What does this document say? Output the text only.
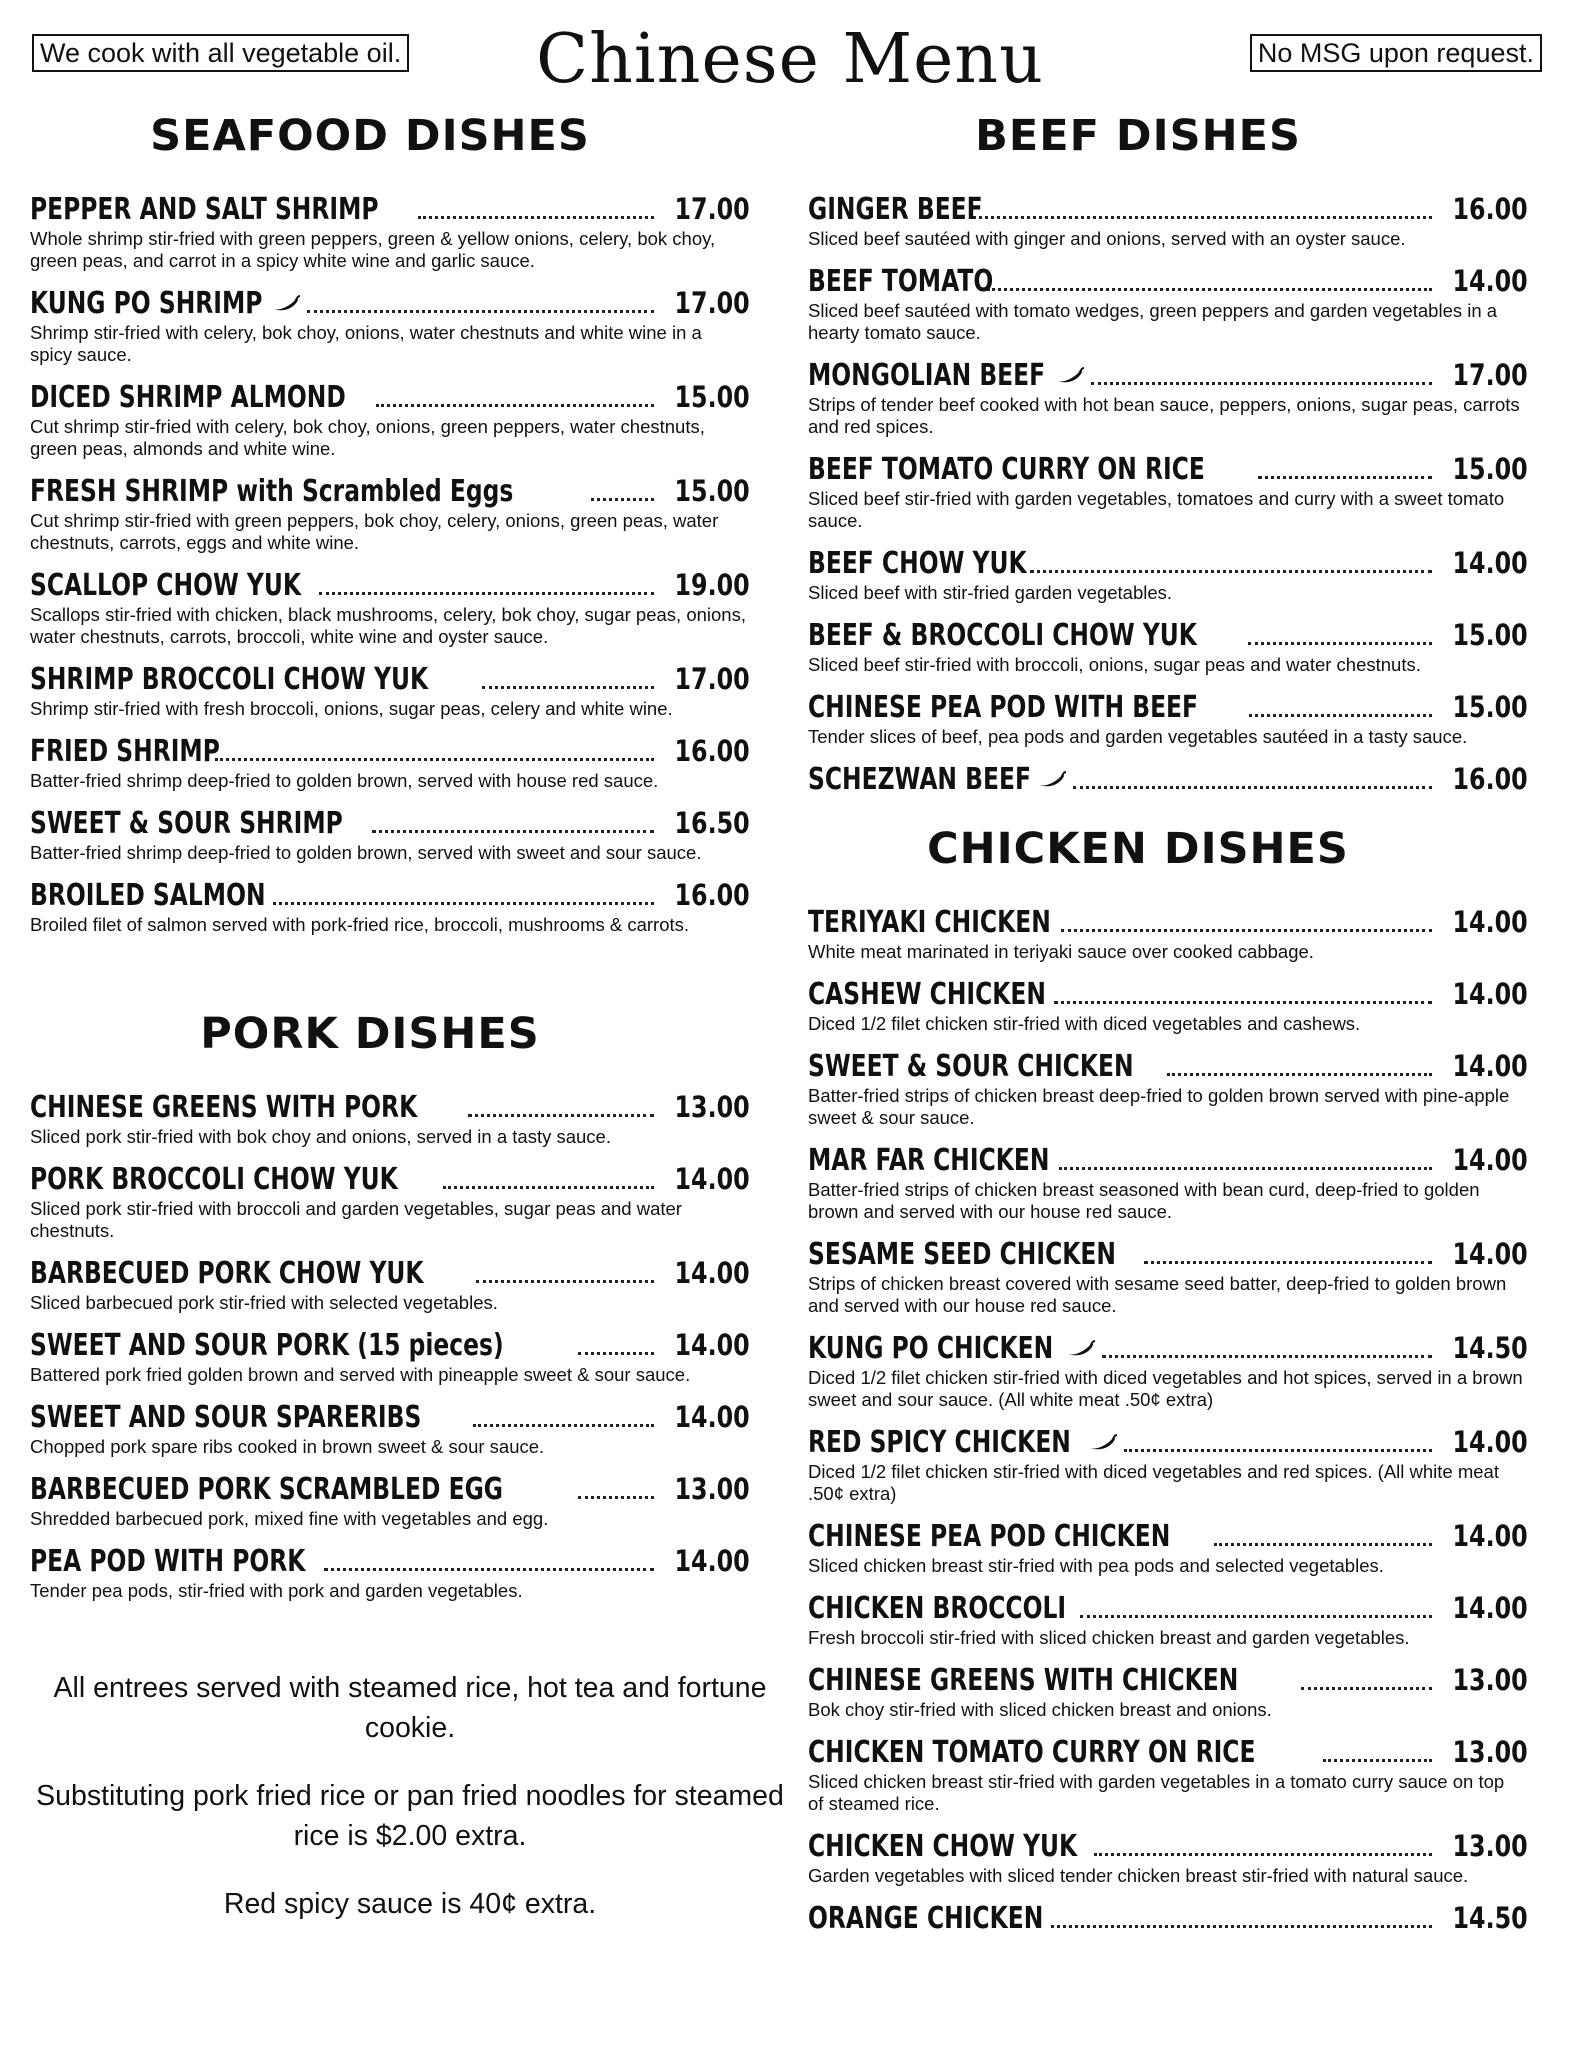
We cook with all vegetable oil.	Chinese Menu	No MSG upon request.
SEAFOOD DISHES
PEPPER AND SALT SHRIMP	17.00
Whole shrimp stir-fried with green peppers, green & yellow onions, celery, bok choy, green peas, and carrot in a spicy white wine and garlic sauce.
KUNG PO SHRIMP	17.00
Shrimp stir-fried with celery, bok choy, onions, water chestnuts and white wine in a spicy sauce.
DICED SHRIMP ALMOND	15.00
Cut shrimp stir-fried with celery, bok choy, onions, green peppers, water chestnuts, green peas, almonds and white wine.
FRESH SHRIMP with Scrambled Eggs	15.00
Cut shrimp stir-fried with green peppers, bok choy, celery, onions, green peas, water chestnuts, carrots, eggs and white wine.
SCALLOP CHOW YUK	19.00
Scallops stir-fried with chicken, black mushrooms, celery, bok choy, sugar peas, onions, water chestnuts, carrots, broccoli, white wine and oyster sauce.
SHRIMP BROCCOLI CHOW YUK	17.00
Shrimp stir-fried with fresh broccoli, onions, sugar peas, celery and white wine.
FRIED SHRIMP	16.00
Batter-fried shrimp deep-fried to golden brown, served with house red sauce.
SWEET & SOUR SHRIMP	16.50
Batter-fried shrimp deep-fried to golden brown, served with sweet and sour sauce.
BROILED SALMON	16.00
Broiled filet of salmon served with pork-fried rice, broccoli, mushrooms & carrots.
PORK DISHES
CHINESE GREENS WITH PORK	13.00
Sliced pork stir-fried with bok choy and onions, served in a tasty sauce.
PORK BROCCOLI CHOW YUK	14.00
Sliced pork stir-fried with broccoli and garden vegetables, sugar peas and water chestnuts.
BARBECUED PORK CHOW YUK	14.00
Sliced barbecued pork stir-fried with selected vegetables.
SWEET AND SOUR PORK (15 pieces)	14.00
Battered pork fried golden brown and served with pineapple sweet & sour sauce.
SWEET AND SOUR SPARERIBS	14.00
Chopped pork spare ribs cooked in brown sweet & sour sauce.
BARBECUED PORK SCRAMBLED EGG	13.00
Shredded barbecued pork, mixed fine with vegetables and egg.
PEA POD WITH PORK	14.00
Tender pea pods, stir-fried with pork and garden vegetables.
BEEF DISHES
GINGER BEEF	16.00
Sliced beef sautéed with ginger and onions, served with an oyster sauce.
BEEF TOMATO	14.00
Sliced beef sautéed with tomato wedges, green peppers and garden vegetables in a hearty tomato sauce.
MONGOLIAN BEEF	17.00
Strips of tender beef cooked with hot bean sauce, peppers, onions, sugar peas, carrots and red spices.
BEEF TOMATO CURRY ON RICE	15.00
Sliced beef stir-fried with garden vegetables, tomatoes and curry with a sweet tomato sauce.
BEEF CHOW YUK	14.00
Sliced beef with stir-fried garden vegetables.
BEEF & BROCCOLI CHOW YUK	15.00
Sliced beef stir-fried with broccoli, onions, sugar peas and water chestnuts.
CHINESE PEA POD WITH BEEF	15.00
Tender slices of beef, pea pods and garden vegetables sautéed in a tasty sauce.
SCHEZWAN BEEF	16.00
CHICKEN DISHES
TERIYAKI CHICKEN	14.00
White meat marinated in teriyaki sauce over cooked cabbage.
CASHEW CHICKEN	14.00
Diced 1/2 filet chicken stir-fried with diced vegetables and cashews.
SWEET & SOUR CHICKEN	14.00
Batter-fried strips of chicken breast deep-fried to golden brown served with pine-apple sweet & sour sauce.
MAR FAR CHICKEN	14.00
Batter-fried strips of chicken breast seasoned with bean curd, deep-fried to golden brown and served with our house red sauce.
SESAME SEED CHICKEN	14.00
Strips of chicken breast covered with sesame seed batter, deep-fried to golden brown and served with our house red sauce.
KUNG PO CHICKEN	14.50
Diced 1/2 filet chicken stir-fried with diced vegetables and hot spices, served in a brown sweet and sour sauce. (All white meat .50¢ extra)
RED SPICY CHICKEN	14.00
Diced 1/2 filet chicken stir-fried with diced vegetables and red spices. (All white meat .50¢ extra)
CHINESE PEA POD CHICKEN	14.00
Sliced chicken breast stir-fried with pea pods and selected vegetables.
CHICKEN BROCCOLI	14.00
Fresh broccoli stir-fried with sliced chicken breast and garden vegetables.
CHINESE GREENS WITH CHICKEN	13.00
Bok choy stir-fried with sliced chicken breast and onions.
CHICKEN TOMATO CURRY ON RICE	13.00
Sliced chicken breast stir-fried with garden vegetables in a tomato curry sauce on top of steamed rice.
CHICKEN CHOW YUK	13.00
Garden vegetables with sliced tender chicken breast stir-fried with natural sauce.
ORANGE CHICKEN	14.50

All entrees served with steamed rice, hot tea and fortune cookie.

Substituting pork fried rice or pan fried noodles for steamed rice is $2.00 extra.

Red spicy sauce is 40¢ extra.
